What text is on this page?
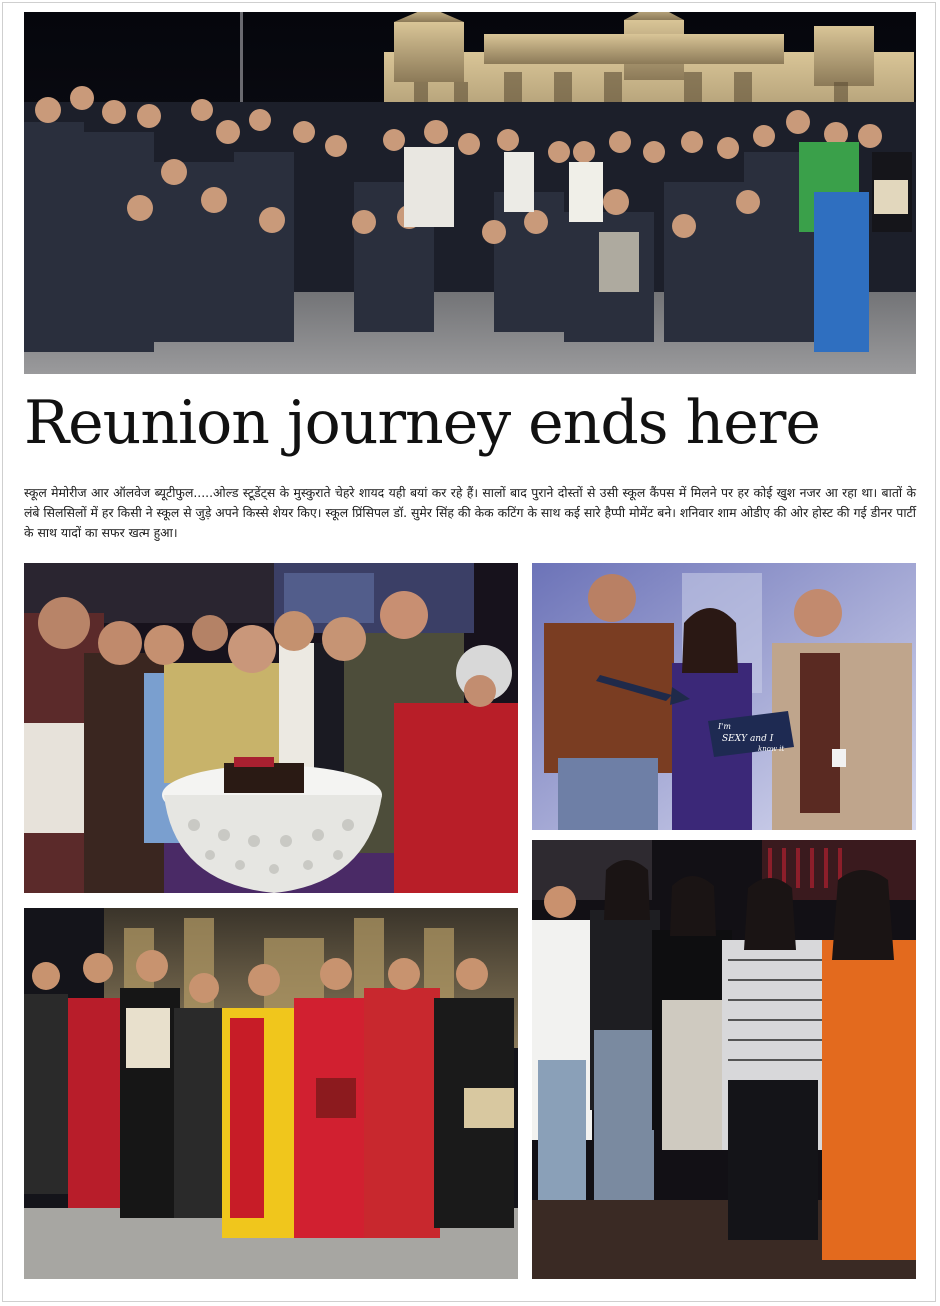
Reunion journey ends here

स्कूल मेमोरीज आर ऑलवेज ब्यूटीफुल.....ओल्ड स्टूडेंट्स के मुस्कुराते चेहरे शायद यही बयां कर रहे हैं। सालों बाद पुराने दोस्तों से उसी स्कूल कैंपस में मिलने पर हर कोई खुश नजर आ रहा था। बातों के लंबे सिलसिलों में हर किसी ने स्कूल से जुड़े अपने किस्से शेयर किए। स्कूल प्रिंसिपल डॉ. सुमेर सिंह की केक कटिंग के साथ कई सारे हैप्पी मोमेंट बने। शनिवार शाम ओडीए की ओर होस्ट की गई डीनर पार्टी के साथ यादों का सफर खत्म हुआ।

I'm
SEXY and I
know it
